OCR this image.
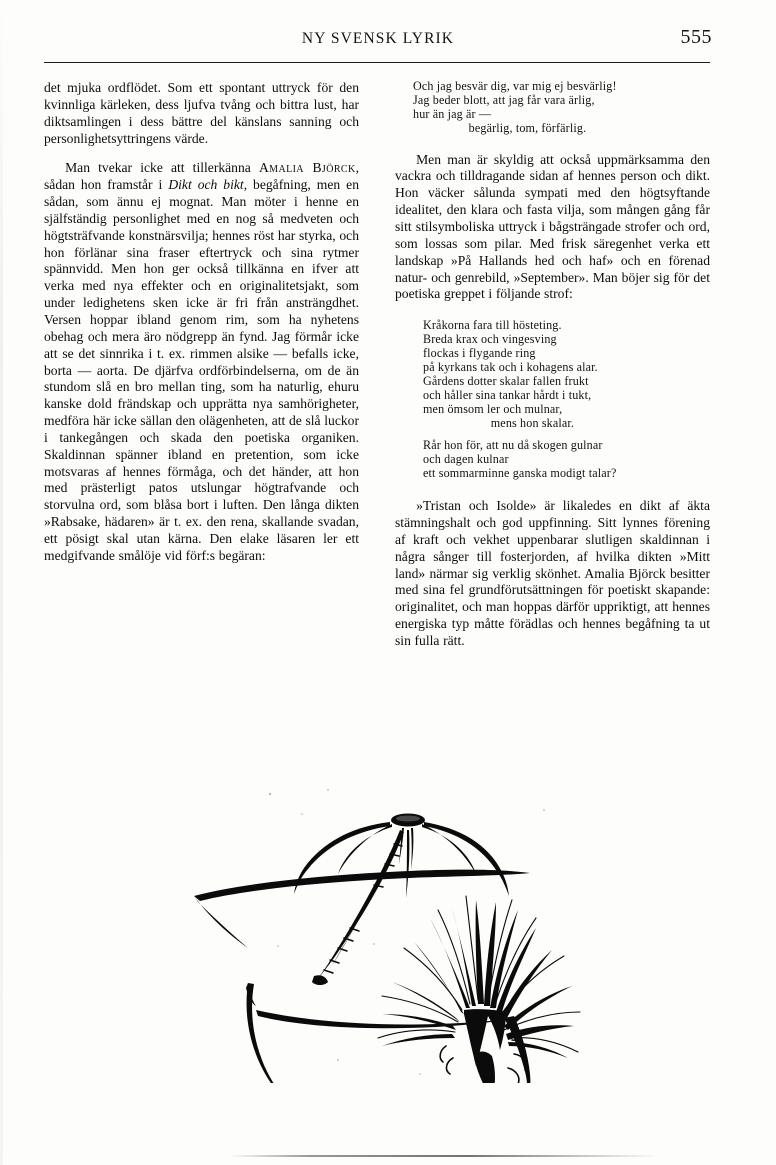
NY SVENSK LYRIK	555

det mjuka ordflödet. Som ett spontant uttryck för den kvinnliga kärleken, dess ljufva tvång och bittra lust, har diktsamlingen i dess bättre del känslans sanning och personlighetsyttringens värde.

Man tvekar icke att tillerkänna Amalia Björck, sådan hon framstår i Dikt och bikt, begåfning, men en sådan, som ännu ej mognat. Man möter i henne en själfständig personlighet med en nog så medveten och högtsträfvande konstnärsvilja; hennes röst har styrka, och hon förlänar sina fraser eftertryck och sina rytmer spännvidd. Men hon ger också tillkänna en ifver att verka med nya effekter och en originalitetsjakt, som under ledighetens sken icke är fri från ansträngdhet. Versen hoppar ibland genom rim, som ha nyhetens obehag och mera äro nödgrepp än fynd. Jag förmår icke att se det sinnrika i t. ex. rimmen alsike — befalls icke, borta — aorta. De djärfva ordförbindelserna, om de än stundom slå en bro mellan ting, som ha naturlig, ehuru kanske dold frändskap och upprätta nya samhörigheter, medföra här icke sällan den olägenheten, att de slå luckor i tankegången och skada den poetiska organiken. Skaldinnan spänner ibland en pretention, som icke motsvaras af hennes förmåga, och det händer, att hon med prästerligt patos utslungar högtrafvande och storvulna ord, som blåsa bort i luften. Den långa dikten »Rabsake, hädaren» är t. ex. den rena, skallande svadan, ett pösigt skal utan kärna. Den elake läsaren ler ett medgifvande smålöje vid förf:s begäran:

Och jag besvär dig, var mig ej besvärlig!
Jag beder blott, att jag får vara ärlig,
hur än jag är —
begärlig, tom, förfärlig.

Men man är skyldig att också uppmärksamma den vackra och tilldragande sidan af hennes person och dikt. Hon väcker sålunda sympati med den högtsyftande idealitet, den klara och fasta vilja, som mången gång får sitt stilsymboliska uttryck i bågsträngade strofer och ord, som lossas som pilar. Med frisk säregenhet verka ett landskap »På Hallands hed och haf» och en förenad natur- och genrebild, »September». Man böjer sig för det poetiska greppet i följande strof:

Kråkorna fara till hösteting.
Breda krax och vingesving
flockas i flygande ring
på kyrkans tak och i kohagens alar.
Gårdens dotter skalar fallen frukt
och håller sina tankar hårdt i tukt,
men ömsom ler och mulnar,
mens hon skalar.

Rår hon för, att nu då skogen gulnar
och dagen kulnar
ett sommarminne ganska modigt talar?

»Tristan och Isolde» är likaledes en dikt af äkta stämningshalt och god uppfinning. Sitt lynnes förening af kraft och vekhet uppenbarar slutligen skaldinnan i några sånger till fosterjorden, af hvilka dikten »Mitt land» närmar sig verklig skönhet. Amalia Björck besitter med sina fel grundförutsättningen för poetiskt skapande: originalitet, och man hoppas därför uppriktigt, att hennes energiska typ måtte förädlas och hennes begåfning ta ut sin fulla rätt.
